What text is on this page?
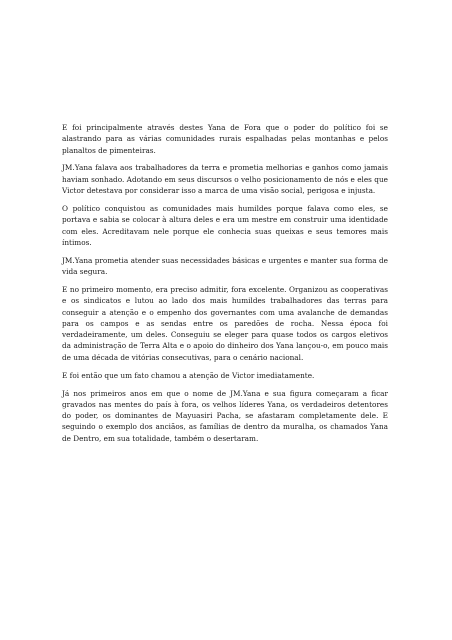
E foi principalmente através destes Yana de Fora que o poder do político foi se alastrando para as várias comunidades rurais espalhadas pelas montanhas e pelos planaltos de pimenteiras.

JM.Yana falava aos trabalhadores da terra e prometia melhorias e ganhos como jamais haviam sonhado. Adotando em seus discursos o velho posicionamento de nós e eles que Victor detestava por considerar isso a marca de uma visão social, perigosa e injusta.

O político conquistou as comunidades mais humildes porque falava como eles, se portava e sabia se colocar à altura deles e era um mestre em construir uma identidade com eles. Acreditavam nele porque ele conhecia suas queixas e seus temores mais íntimos.

JM.Yana prometia atender suas necessidades básicas e urgentes e manter sua forma de vida segura.

E no primeiro momento, era preciso admitir, fora excelente. Organizou as cooperativas e os sindicatos e lutou ao lado dos mais humildes trabalhadores das terras para conseguir a atenção e o empenho dos governantes com uma avalanche de demandas para os campos e as sendas entre os paredões de rocha. Nessa época foi verdadeiramente, um deles. Conseguiu se eleger para quase todos os cargos eletivos da administração de Terra Alta e o apoio do dinheiro dos Yana lançou-o, em pouco mais de uma década de vitórias consecutivas, para o cenário nacional.

E foi então que um fato chamou a atenção de Victor imediatamente.

Já nos primeiros anos em que o nome de JM.Yana e sua figura começaram a ficar gravados nas mentes do país à fora, os velhos líderes Yana, os verdadeiros detentores do poder, os dominantes de Mayuasiri Pacha, se afastaram completamente dele. E seguindo o exemplo dos anciãos, as famílias de dentro da muralha, os chamados Yana de Dentro, em sua totalidade, também o desertaram.
